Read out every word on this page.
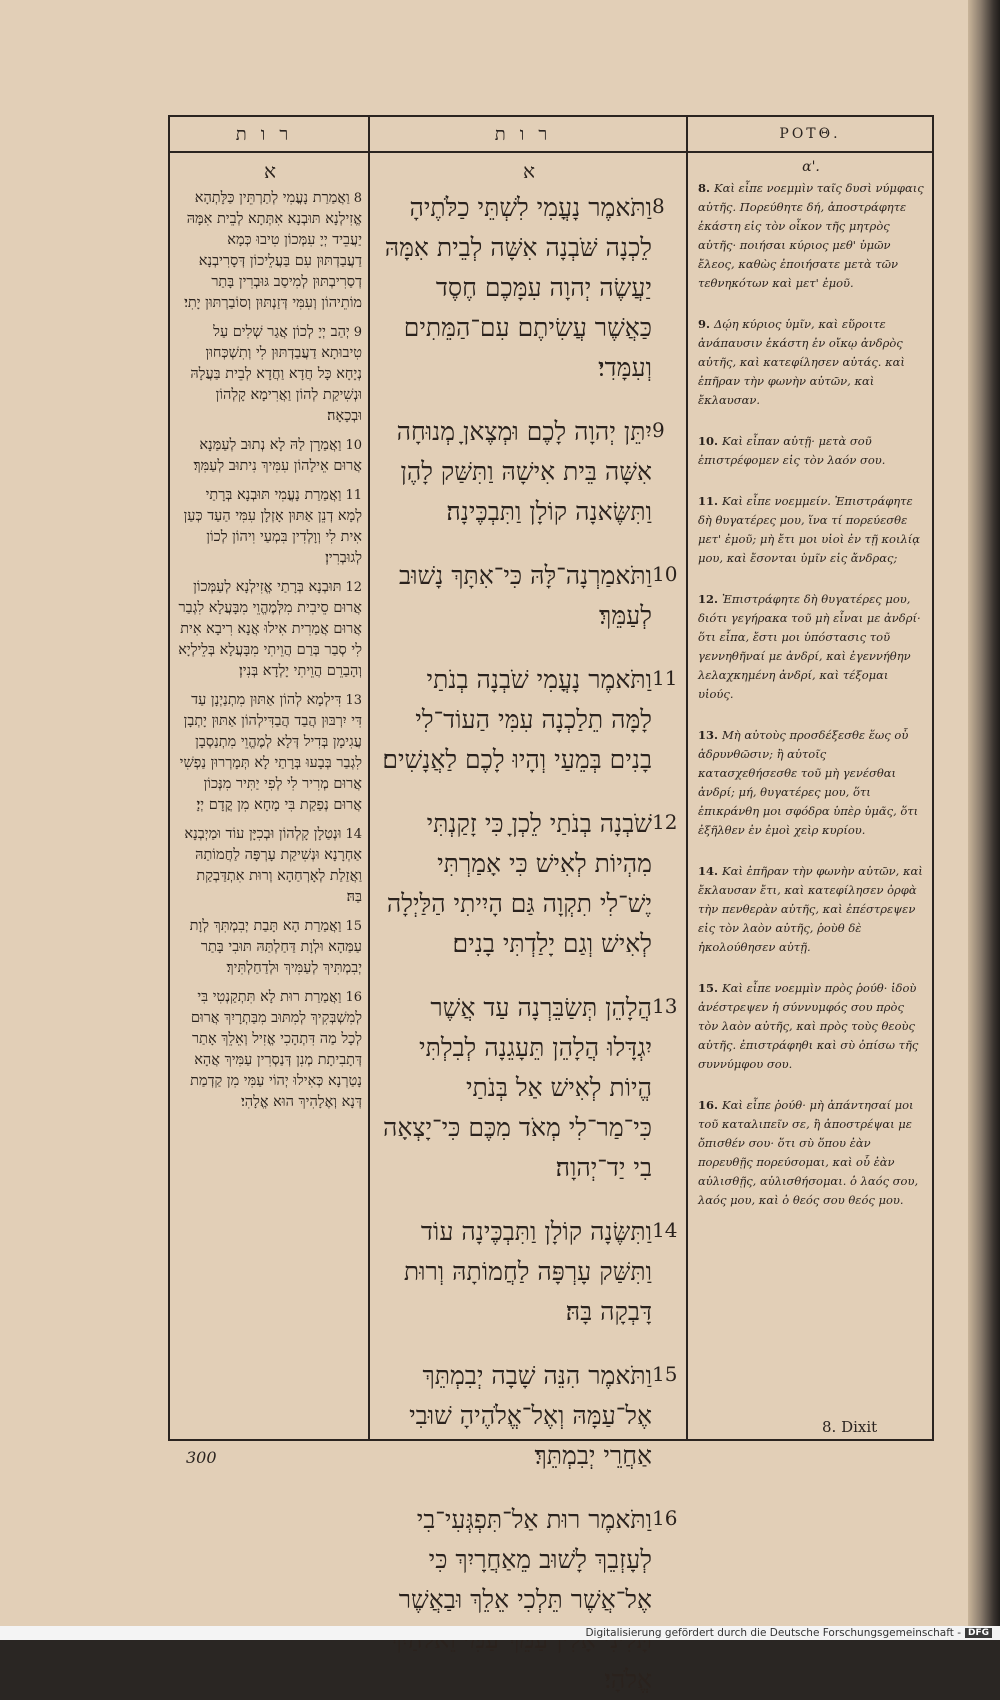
רות	רות	ΡΟΤΘ.
א
8וַאֲמַרַת נָעֳמִי לְתַרְתֵּין כַּלָּתְהָא אֱזִילְנָא תּוּבְנָא אִתְּתָא לְבֵית אִמָּהּ יַעֲבֵיד יְיָ עִמְּכוֹן טִיבוּ כְּמָא דַעֲבַדְתּוּן עִם בַּעֲלֵיכוֹן דְּסָרִיבְנָא דְסַרִיבְתּוּן לְמִיסַב גּוּבְרִין בָּתַר מוֹתֵיהוֹן וְעִמִּי דְּזַנְתּוּן וְסוֹבַרְתּוּן יָתִי׃
9יְהַב יְיָ לְכוֹן אֲגַר שְׁלִים עַל טִיבוּתָא דַעֲבַדְתּוּן לִי וְתִשְׁכְּחוּן נְיָחָא כָּל חֲדָא וַחֲדָא לְבֵית בַּעֲלָהּ וּנְשִׁיקַת לְהוֹן וַאֲרִימָא קָלְהוֹן וּבְכָאָה׃
10וַאֲמַרָן לַהּ לָא נְתוּב לְעַמַּנָא אֲרוּם אֵילָהוֹן עִמִּיךְ נִיתוּב לְעַמִּךְ׃
11וַאֲמַרַת נָעֳמִי תּוּבְנָא בְּרָתַי לְמָא דְנֵן אַתּוּן אָזְלָן עִמִּי הַעַד כְּעַן אִית לִי וְוָלְדִין בִּמְעַי וִיהוֹן לְכוֹן לְגוּבְרִין׃
12תּוּבְנָא בְּרָתַי אֱזִילְנָא לְעַמְּכוֹן אֲרוּם סֵיבִית מִלְּמֶהֱוֵי מִבָּעֲלָא לִגְבַר אֲרוּם אֲמַרִית אִילוּ אֲנָא רִיבָא אִית לִי סְבַר בְּרַם הֲוֵיתִי מִבָּעֲלָא בְּלֵילְיָא וְהָבַרֵם הֲוֵיתִי יָלְדָא בְּנִין׃
13דִּילְמָא לְהוֹן אַתּוּן מִתְנַיְנָן עַד דִּי יִרְבּוּן הֲבַד הֲבַדִּילְהוֹן אַתּוּן יָתְבָן עֲגִימָן בְּדִיל דְּלָא לְמֶהֱוֵי מִתְנַסְבָן לִגְבַר בְּבָעוּ בְּרָתַי לָא תְּמָרְרוּן נַפְשִׁי אֲרוּם מְרִיר לִי לְפִי יַתִּיר מִנְּכוֹן אֲרוּם נְפַקַת בִּי מָחָא מִן קֳדָם יְיָ׃
14וּנְטַלָן קָלְהוֹן וּבְכִיָּן עוֹד וּמַיְבְנָא אַחְרָנָא וּנְשִׁיקַת עָרְפָּה לַחֲמוֹתַהּ וַאֲזַלַת לְאָרְחַהָא וְרוּת אִתְדַּבְקַת בַּהּ׃
15וַאֲמַרַת הָא תָּבַת יְבִמְתִּךְ לְוָת עַמַּהָא וּלְוָת דַּחַלְתַּהּ תּוּבִי בָּתַר יְבִמְתִּיךְ לְעַמִּיךְ וּלְדַחַלְתִּיךְ׃
16וַאֲמַרַת רוּת לָא תִּתְקַנְטִי בִּי לְמִשְׁבְּקִיךְ לְמִתּוּב מִבַּתְרָיִךְ אֲרוּם לְכָל מַה דִּתְהָכִי אֱזִיל וְאֵלֵךְ אָתַר דְּתָבִיתָת מְנִן דְּנַסְרִין עַמִּיךְ אֲהָא נָטַרְנָא כְּאִילוּ יְהוֹי עַמִּי מִן קַדְמַת דְּנָא וְאֶלָהִיךְ הוּא אֱלָהִי׃
א
וַתֹּאמֶר נָעֳמִי לִשְׁתֵּי כַלֹּתֶיהָ לֵכְנָה שֹּׁבְנָה אִשָּׁה לְבֵית אִמָּהּ יַעֲשֶׂה יְהוָה עִמָּכֶם חֶסֶד כַּאֲשֶׁר עֲשִׂיתֶם עִם־הַמֵּתִים וְעִמָּדִי׃
8
יִתֵּן יְהוָה לָכֶם וּמְצֶאןָ מְנוּחָה אִשָּׁה בֵּית אִישָׁהּ וַתִּשַּׁק לָהֶן וַתִּשֶּׂאנָה קוֹלָן וַתִּבְכֶּינָה׃
9
וַתֹּאמַרְנָה־לָּהּ כִּי־אִתָּךְ נָשׁוּב לְעַמֵּךְ׃
10
וַתֹּאמֶר נָעֳמִי שֹׁבְנָה בְנֹתַי לָמָּה תֵלַכְנָה עִמִּי הַעוֹד־לִי בָנִים בְּמֵעַי וְהָיוּ לָכֶם לַאֲנָשִׁים׃
11
שֹׁבְנָה בְנֹתַי לֵכְןָ כִּי זָקַנְתִּי מִהְיוֹת לְאִישׁ כִּי אָמַרְתִּי יֶשׁ־לִי תִקְוָה גַּם הָיִיתִי הַלַּיְלָה לְאִישׁ וְגַם יָלַדְתִּי בָנִים׃
12
הֲלָהֵן תְּשַׂבֵּרְנָה עַד אֲשֶׁר יִגְדָּלוּ הֲלָהֵן תֵּעָגֵנָה לְבִלְתִּי הֱיוֹת לְאִישׁ אַל בְּנֹתַי כִּי־מַר־לִי מְאֹד מִכֶּם כִּי־יָצְאָה בִי יַד־יְהוָה׃
13
וַתִּשֶּׂנָה קוֹלָן וַתִּבְכֶּינָה עוֹד וַתִּשַּׁק עָרְפָּה לַחֲמוֹתָהּ וְרוּת דָּבְקָה בָּהּ׃
14
וַתֹּאמֶר הִנֵּה שָׁבָה יְבִמְתֵּךְ אֶל־עַמָּהּ וְאֶל־אֱלֹהֶיהָ שׁוּבִי אַחֲרֵי יְבִמְתֵּךְ׃
15
וַתֹּאמֶר רוּת אַל־תִּפְגְּעִי־בִי לְעָזְבֵךְ לָשׁוּב מֵאַחֲרָיִךְ כִּי אֶל־אֲשֶׁר תֵּלְכִי אֵלֵךְ וּבַאֲשֶׁר אֱלֹהָי׃
16
α'.
8. Καὶ εἶπε νοεμμὶν ταῖς δυσὶ νύμφαις αὐτῆς. Πορεύθητε δή, ἀποστράφητε ἑκάστη εἰς τὸν οἶκον τῆς μητρὸς αὐτῆς· ποιήσαι κύριος μεθ' ὑμῶν ἔλεος, καθὼς ἐποιήσατε μετὰ τῶν τεθνηκότων καὶ μετ' ἐμοῦ.
9. Δῴη κύριος ὑμῖν, καὶ εὕροιτε ἀνάπαυσιν ἑκάστη ἐν οἴκῳ ἀνδρὸς αὐτῆς, καὶ κατεφίλησεν αὐτάς. καὶ ἐπῆραν τὴν φωνὴν αὐτῶν, καὶ ἔκλαυσαν.
10. Καὶ εἶπαν αὐτῇ· μετὰ σοῦ ἐπιστρέφομεν εἰς τὸν λαόν σου.
11. Καὶ εἶπε νοεμμείν. Ἐπιστράφητε δὴ θυγατέρες μου, ἵνα τί πορεύεσθε μετ' ἐμοῦ; μὴ ἔτι μοι υἱοὶ ἐν τῇ κοιλίᾳ μου, καὶ ἔσονται ὑμῖν εἰς ἄνδρας;
12. Ἐπιστράφητε δὴ θυγατέρες μου, διότι γεγήρακα τοῦ μὴ εἶναι με ἀνδρί· ὅτι εἶπα, ἔστι μοι ὑπόστασις τοῦ γεννηθῆναί με ἀνδρί, καὶ ἐγεννήθην λελαχκημένη ἀνδρί, καὶ τέξομαι υἱούς.
13. Μὴ αὐτοὺς προσδέξεσθε ἕως οὗ ἁδρυνθῶσιν; ἢ αὐτοῖς κατασχεθήσεσθε τοῦ μὴ γενέσθαι ἀνδρί; μή, θυγατέρες μου, ὅτι ἐπικράνθη μοι σφόδρα ὑπὲρ ὑμᾶς, ὅτι ἐξῆλθεν ἐν ἐμοὶ χεὶρ κυρίου.
14. Καὶ ἐπῆραν τὴν φωνὴν αὐτῶν, καὶ ἔκλαυσαν ἔτι, καὶ κατεφίλησεν ὀρφὰ τὴν πενθερὰν αὐτῆς, καὶ ἐπέστρεψεν εἰς τὸν λαὸν αὐτῆς, ῥοὺθ δὲ ἠκολούθησεν αὐτῇ.
15. Καὶ εἶπε νοεμμὶν πρὸς ῥούθ· ἰδοὺ ἀνέστρεψεν ἡ σύννυμφός σου πρὸς τὸν λαὸν αὐτῆς, καὶ πρὸς τοὺς θεοὺς αὐτῆς. ἐπιστράφηθι καὶ σὺ ὀπίσω τῆς συννύμφου σου.
16. Καὶ εἶπε ῥούθ· μὴ ἀπάντησαί μοι τοῦ καταλιπεῖν σε, ἢ ἀποστρέψαι με ὄπισθέν σου· ὅτι σὺ ὅπου ἐὰν πορευθῇς πορεύσομαι, καὶ οὗ ἐὰν αὐλισθῇς, αὐλισθήσομαι. ὁ λαός σου, λαός μου, καὶ ὁ θεός σου θεός μου.
300
8. Dixit
Digitalisierung gefördert durch die Deutsche Forschungsgemeinschaft - DFG
